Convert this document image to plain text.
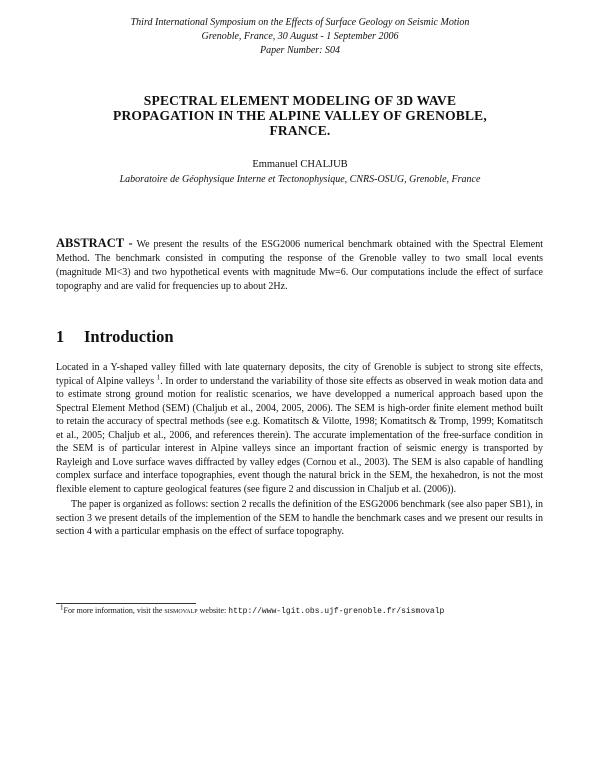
Third International Symposium on the Effects of Surface Geology on Seismic Motion
Grenoble, France, 30 August - 1 September 2006
Paper Number: S04
SPECTRAL ELEMENT MODELING OF 3D WAVE
PROPAGATION IN THE ALPINE VALLEY OF GRENOBLE,
FRANCE.
Emmanuel CHALJUB
Laboratoire de Géophysique Interne et Tectonophysique, CNRS-OSUG, Grenoble, France
ABSTRACT - We present the results of the ESG2006 numerical benchmark obtained with the Spectral Element Method. The benchmark consisted in computing the response of the Grenoble valley to two small local events (magnitude Ml<3) and two hypothetical events with magnitude Mw=6. Our computations include the effect of surface topography and are valid for frequencies up to about 2Hz.
1 Introduction

Located in a Y-shaped valley filled with late quaternary deposits, the city of Grenoble is subject to strong site effects, typical of Alpine valleys $^1$. In order to understand the variability of those site effects as observed in weak motion data and to estimate strong ground motion for realistic scenarios, we have developped a numerical approach based upon the Spectral Element Method (SEM) (Chaljub et al., 2004, 2005, 2006). The SEM is high-order finite element method built to retain the accuracy of spectral methods (see e.g. Komatitsch & Vilotte, 1998; Komatitsch & Tromp, 1999; Komatitsch et al., 2005; Chaljub et al., 2006, and references therein). The accurate implementation of the free-surface condition in the SEM is of particular interest in Alpine valleys since an important fraction of seismic energy is transported by Rayleigh and Love surface waves diffracted by valley edges (Cornou et al., 2003). The SEM is also capable of handling complex surface and interface topographies, event though the natural brick in the SEM, the hexahedron, is not the most flexible element to capture geological features (see figure 2 and discussion in Chaljub et al. (2006)).

The paper is organized as follows: section 2 recalls the definition of the ESG2006 benchmark (see also paper SB1), in section 3 we present details of the implemention of the SEM to handle the benchmark cases and we present our results in section 4 with a particular emphasis on the effect of surface topography.

$^1$For more information, visit the sismovalp website: http://www-lgit.obs.ujf-grenoble.fr/sismovalp
